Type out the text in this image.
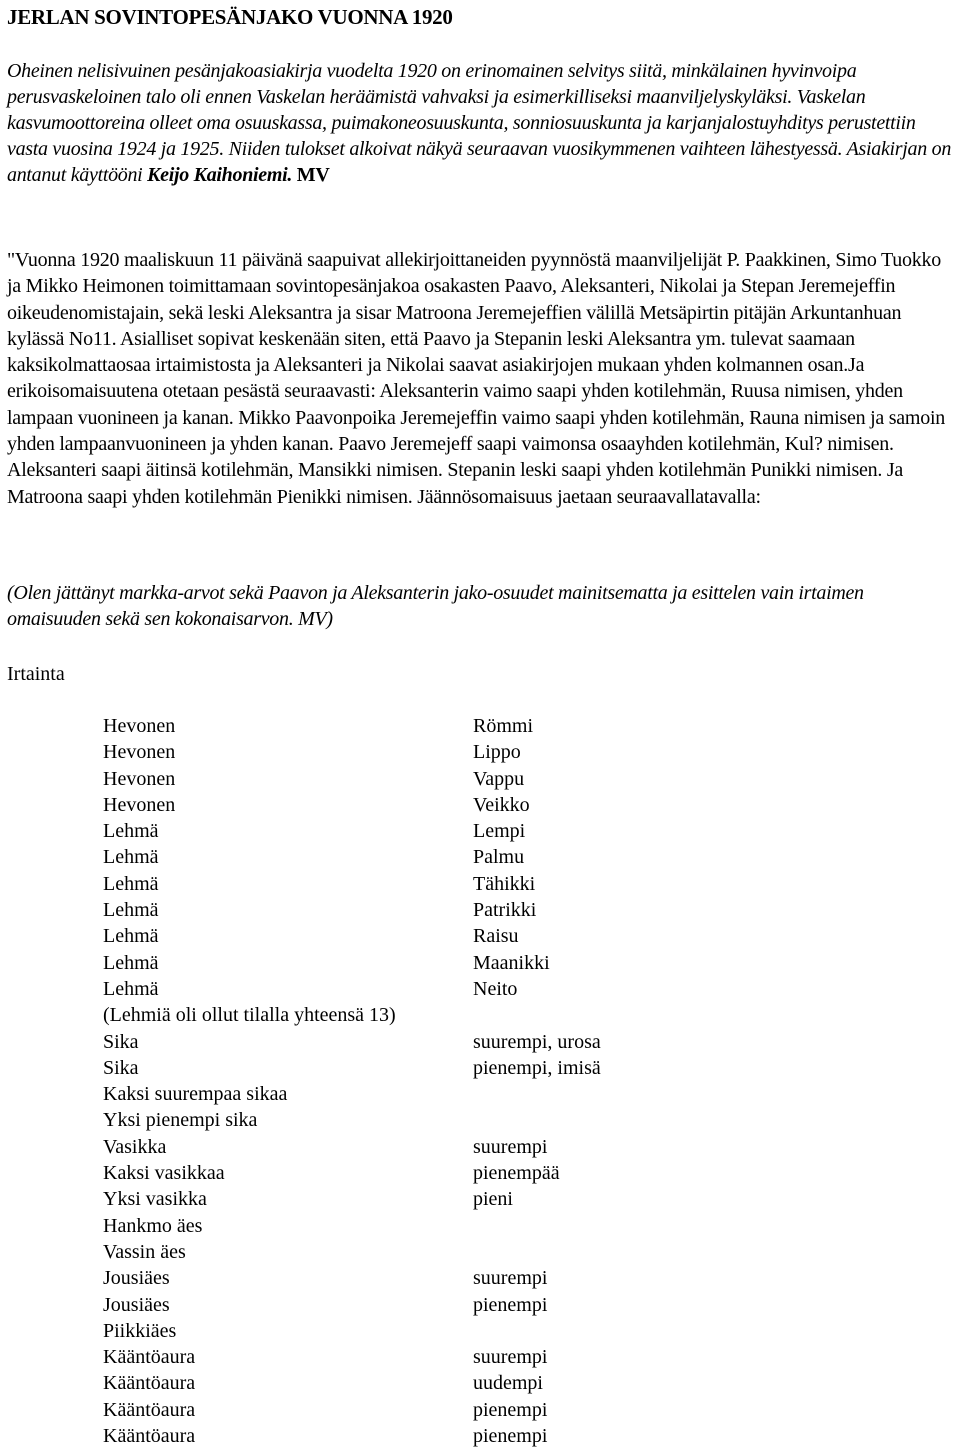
JERLAN SOVINTOPESÄNJAKO VUONNA 1920
Oheinen nelisivuinen pesänjakoasiakirja vuodelta 1920 on erinomainen selvitys siitä, minkälainen hyvinvoipa perusvaskeloinen talo oli ennen Vaskelan heräämistä vahvaksi ja esimerkilliseksi maanviljelyskyläksi. Vaskelan kasvumoottoreina olleet oma osuuskassa, puimakoneosuuskunta, sonniosuuskunta ja karjanjalostuyhditys perustettiin vasta vuosina 1924 ja 1925. Niiden tulokset alkoivat näkyä seuraavan vuosikymmenen vaihteen lähestyessä. Asiakirjan on antanut käyttööni Keijo Kaihoniemi. MV
"Vuonna 1920 maaliskuun 11 päivänä saapuivat allekirjoittaneiden pyynnöstä maanviljelijät P. Paakkinen, Simo Tuokko ja Mikko Heimonen toimittamaan sovintopesänjakoa osakasten Paavo, Aleksanteri, Nikolai ja Stepan Jeremejeffin oikeudenomistajain, sekä leski Aleksantra ja sisar Matroona Jeremejeffien välillä Metsäpirtin pitäjän Arkuntanhuan kylässä No11. Asialliset sopivat keskenään siten, että Paavo ja Stepanin leski Aleksantra ym. tulevat saamaan kaksikolmattaosaa irtaimistosta ja Aleksanteri ja Nikolai saavat asiakirjojen mukaan yhden kolmannen osan.Ja erikoisomaisuutena otetaan pesästä seuraavasti: Aleksanterin vaimo saapi yhden kotilehmän, Ruusa nimisen, yhden lampaan vuonineen ja kanan. Mikko Paavonpoika Jeremejeffin vaimo saapi yhden kotilehmän, Rauna nimisen ja samoin yhden lampaanvuonineen ja yhden kanan. Paavo Jeremejeff saapi vaimonsa osaayhden kotilehmän, Kul? nimisen. Aleksanteri saapi äitinsä kotilehmän, Mansikki nimisen. Stepanin leski saapi yhden kotilehmän Punikki nimisen. Ja Matroona saapi yhden kotilehmän Pienikki nimisen. Jäännösomaisuus jaetaan seuraavallatavalla:
(Olen jättänyt markka-arvot sekä Paavon ja Aleksanterin jako-osuudet mainitsematta ja esittelen vain irtaimen omaisuuden sekä sen kokonaisarvon. MV)
Irtainta
Hevonen	Römmi
Hevonen	Lippo
Hevonen	Vappu
Hevonen	Veikko
Lehmä	Lempi
Lehmä	Palmu
Lehmä	Tähikki
Lehmä	Patrikki
Lehmä	Raisu
Lehmä	Maanikki
Lehmä	Neito
(Lehmiä oli ollut tilalla yhteensä 13)
Sika	suurempi, urosa
Sika	pienempi, imisä
Kaksi suurempaa sikaa
Yksi pienempi sika
Vasikka	suurempi
Kaksi vasikkaa	pienempää
Yksi vasikka	pieni
Hankmo äes
Vassin äes
Jousiäes	suurempi
Jousiäes	pienempi
Piikkiäes
Kääntöaura	suurempi
Kääntöaura	uudempi
Kääntöaura	pienempi
Kääntöaura	pienempi
